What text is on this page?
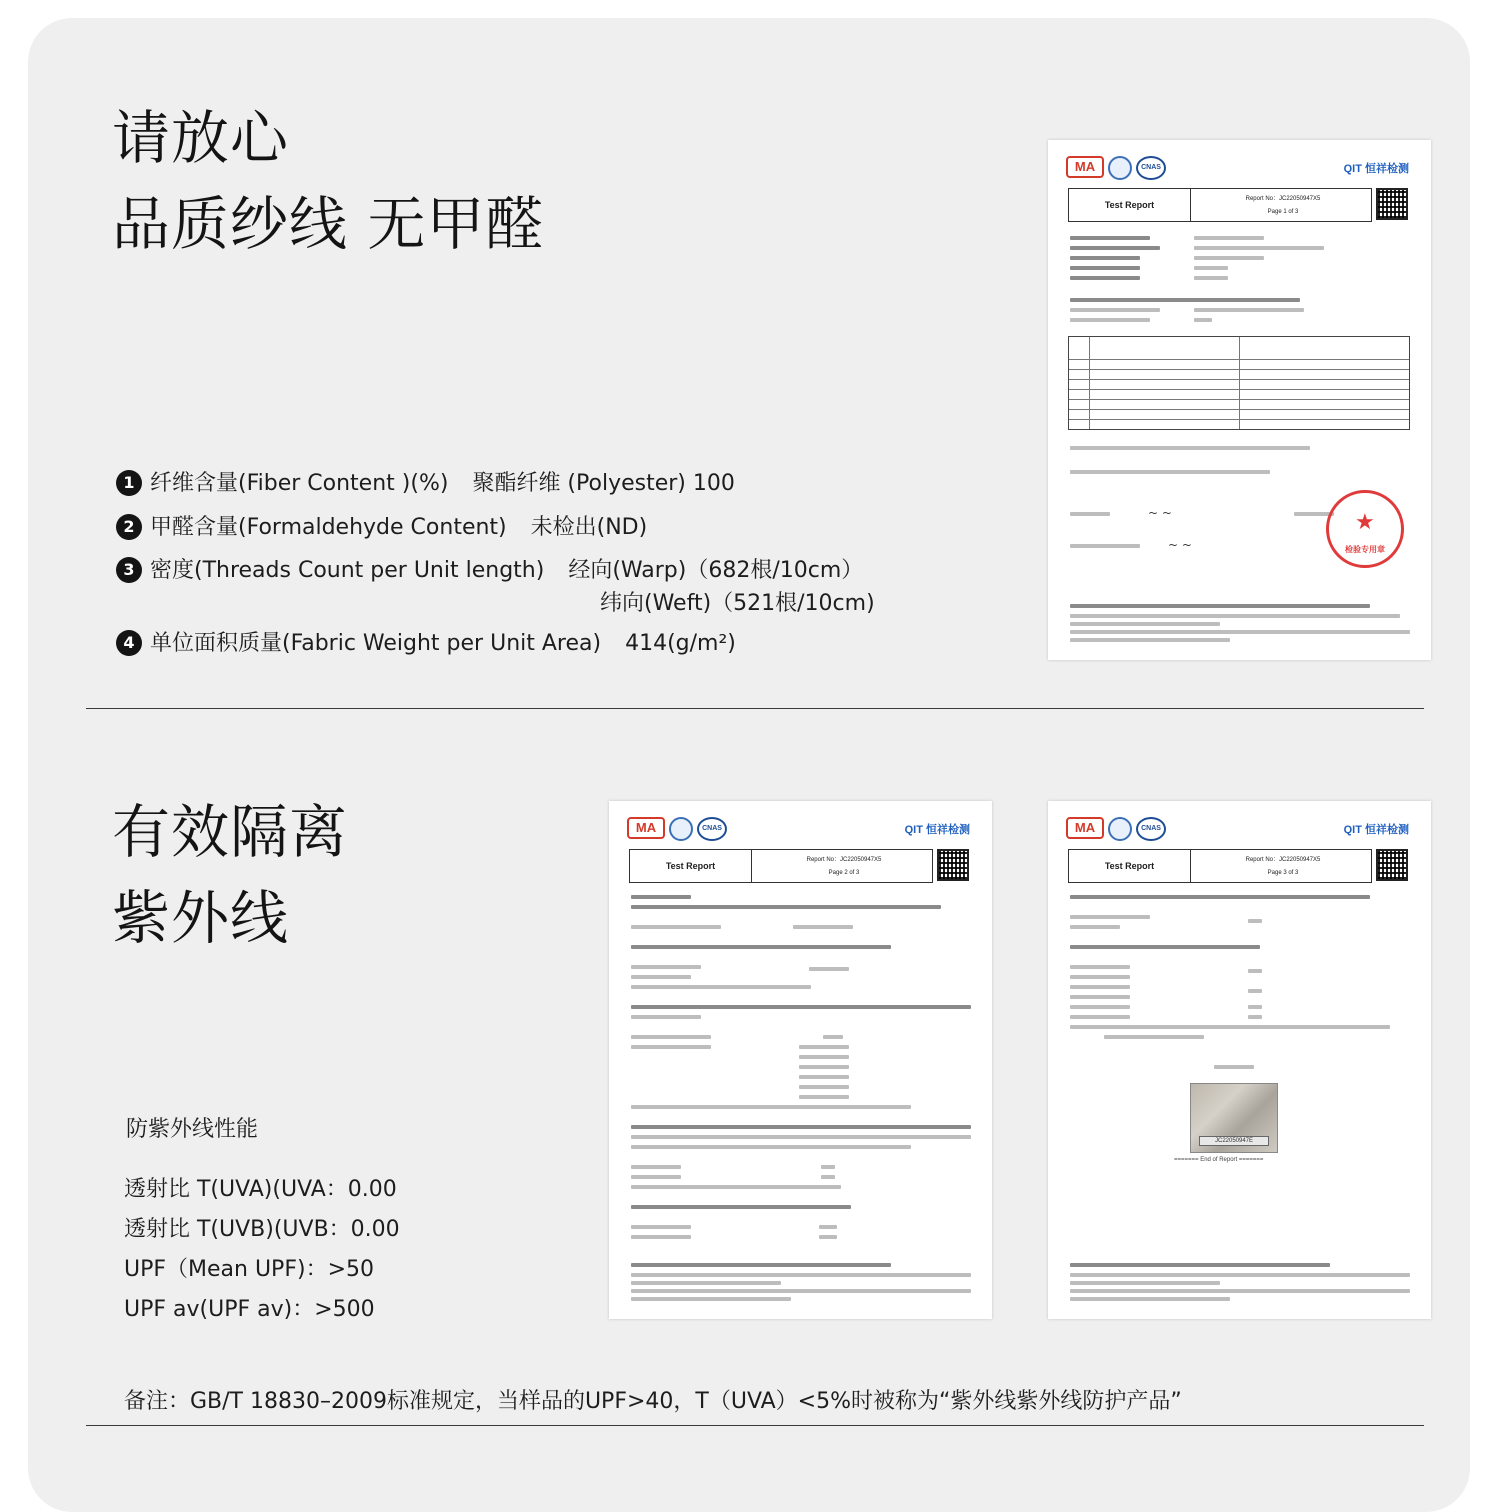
请放心
品质纱线 无甲醛
1 纤维含量(Fiber Content )(%) 聚酯纤维 (Polyester) 100
2 甲醛含量(Formaldehyde Content) 未检出(ND)
3 密度(Threads Count per Unit length) 经向(Warp)（682根/10cm）
纬向(Weft)（521根/10cm)
4 单位面积质量(Fabric Weight per Unit Area) 414(g/m²)
MA	CNAS	QIT 恒祥检测
Test Report
Report No：JC22050947X5
Page 1 of 3
~ ~
~ ~
★
检验专用章
有效隔离
紫外线
防紫外线性能
透射比 T(UVA)(UVA：0.00
透射比 T(UVB)(UVB：0.00
UPF（Mean UPF)：>50
UPF av(UPF av)：>500
MA	CNAS	QIT 恒祥检测
Test Report
Report No：JC22050947X5
Page 2 of 3
MA	CNAS	QIT 恒祥检测
Test Report
Report No：JC22050947X5
Page 3 of 3
JC22050947E
======= End of Report =======
备注：GB/T 18830–2009标准规定，当样品的UPF>40，T（UVA）<5%时被称为“紫外线紫外线防护产品”
